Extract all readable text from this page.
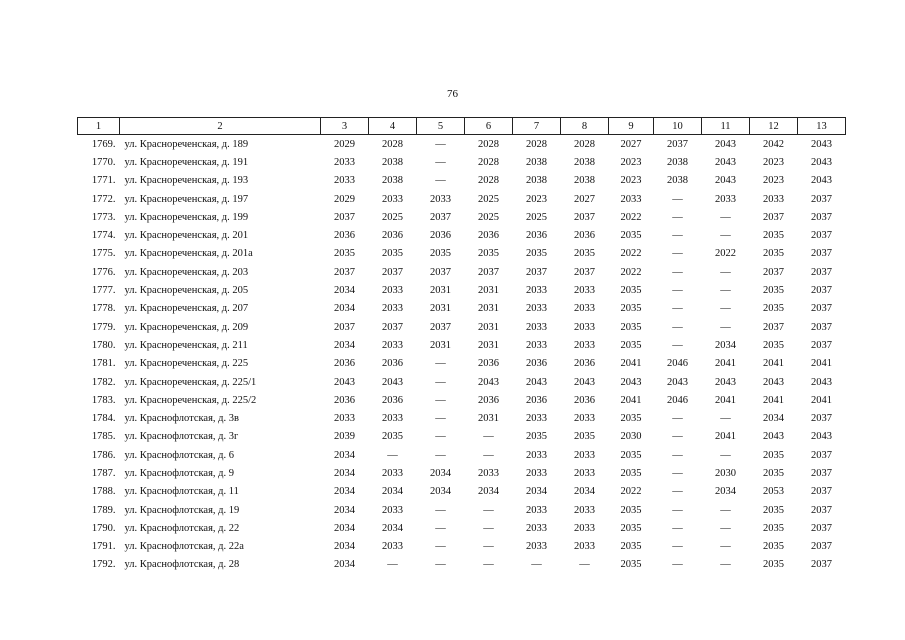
76
1	2	3	4	5	6	7	8	9	10	11	12	13
1769.	ул. Краснореченская, д. 189	2029	2028	—	2028	2028	2028	2027	2037	2043	2042	2043
1770.	ул. Краснореченская, д. 191	2033	2038	—	2028	2038	2038	2023	2038	2043	2023	2043
1771.	ул. Краснореченская, д. 193	2033	2038	—	2028	2038	2038	2023	2038	2043	2023	2043
1772.	ул. Краснореченская, д. 197	2029	2033	2033	2025	2023	2027	2033	—	2033	2033	2037
1773.	ул. Краснореченская, д. 199	2037	2025	2037	2025	2025	2037	2022	—	—	2037	2037
1774.	ул. Краснореченская, д. 201	2036	2036	2036	2036	2036	2036	2035	—	—	2035	2037
1775.	ул. Краснореченская, д. 201а	2035	2035	2035	2035	2035	2035	2022	—	2022	2035	2037
1776.	ул. Краснореченская, д. 203	2037	2037	2037	2037	2037	2037	2022	—	—	2037	2037
1777.	ул. Краснореченская, д. 205	2034	2033	2031	2031	2033	2033	2035	—	—	2035	2037
1778.	ул. Краснореченская, д. 207	2034	2033	2031	2031	2033	2033	2035	—	—	2035	2037
1779.	ул. Краснореченская, д. 209	2037	2037	2037	2031	2033	2033	2035	—	—	2037	2037
1780.	ул. Краснореченская, д. 211	2034	2033	2031	2031	2033	2033	2035	—	2034	2035	2037
1781.	ул. Краснореченская, д. 225	2036	2036	—	2036	2036	2036	2041	2046	2041	2041	2041
1782.	ул. Краснореченская, д. 225/1	2043	2043	—	2043	2043	2043	2043	2043	2043	2043	2043
1783.	ул. Краснореченская, д. 225/2	2036	2036	—	2036	2036	2036	2041	2046	2041	2041	2041
1784.	ул. Краснофлотская, д. 3в	2033	2033	—	2031	2033	2033	2035	—	—	2034	2037
1785.	ул. Краснофлотская, д. 3г	2039	2035	—	—	2035	2035	2030	—	2041	2043	2043
1786.	ул. Краснофлотская, д. 6	2034	—	—	—	2033	2033	2035	—	—	2035	2037
1787.	ул. Краснофлотская, д. 9	2034	2033	2034	2033	2033	2033	2035	—	2030	2035	2037
1788.	ул. Краснофлотская, д. 11	2034	2034	2034	2034	2034	2034	2022	—	2034	2053	2037
1789.	ул. Краснофлотская, д. 19	2034	2033	—	—	2033	2033	2035	—	—	2035	2037
1790.	ул. Краснофлотская, д. 22	2034	2034	—	—	2033	2033	2035	—	—	2035	2037
1791.	ул. Краснофлотская, д. 22а	2034	2033	—	—	2033	2033	2035	—	—	2035	2037
1792.	ул. Краснофлотская, д. 28	2034	—	—	—	—	—	2035	—	—	2035	2037
